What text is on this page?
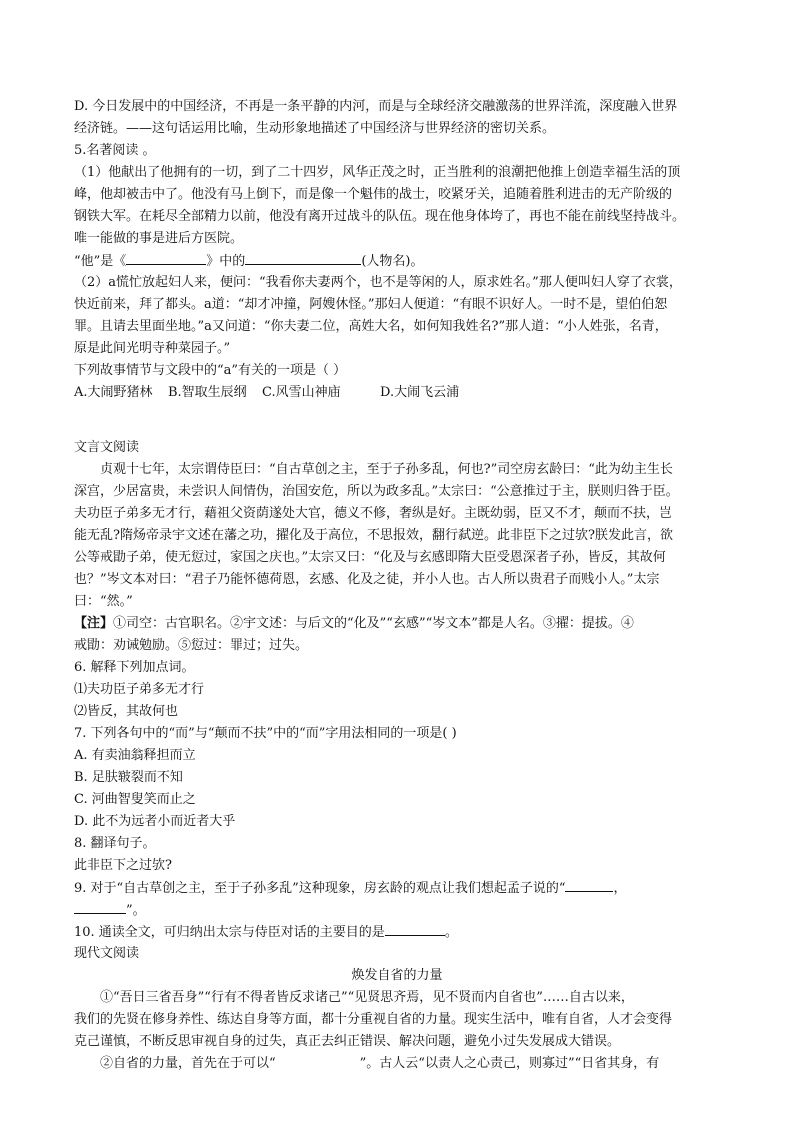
D. 今日发展中的中国经济，不再是一条平静的内河，而是与全球经济交融激荡的世界洋流，深度融入世界
经济链。——这句话运用比喻，生动形象地描述了中国经济与世界经济的密切关系。
5.名著阅读 。
（1）他献出了他拥有的一切，到了二十四岁，风华正茂之时，正当胜利的浪潮把他推上创造幸福生活的顶
峰，他却被击中了。他没有马上倒下，而是像一个魁伟的战士，咬紧牙关，追随着胜利进击的无产阶级的
钢铁大军。在耗尽全部精力以前，他没有离开过战斗的队伍。现在他身体垮了，再也不能在前线坚持战斗。
唯一能做的事是进后方医院。
“他”是《	》中的	(人物名)。
（2）a慌忙放起妇人来，便问：“我看你夫妻两个，也不是等闲的人，原求姓名。”那人便叫妇人穿了衣裳，
快近前来，拜了都头。a道：“却才冲撞，阿嫂休怪。”那妇人便道：“有眼不识好人。一时不是，望伯伯恕
罪。且请去里面坐地。”a又问道：“你夫妻二位，高姓大名，如何知我姓名?”那人道：“小人姓张，名青，
原是此间光明寺种菜园子。”
下列故事情节与文段中的“a”有关的一项是（ ）
A.大闹野猪林 B.智取生辰纲 C.风雪山神庙	D.大闹飞云浦
文言文阅读
贞观十七年，太宗谓侍臣曰：“自古草创之主，至于子孙多乱，何也?”司空房玄龄曰：“此为幼主生长
深宫，少居富贵，未尝识人间情伪，治国安危，所以为政多乱。”太宗曰：“公意推过于主，朕则归咎于臣。
夫功臣子弟多无才行，藉祖父资荫遂处大官，德义不修，奢纵是好。主既幼弱，臣又不才，颠而不扶，岂
能无乱?隋炀帝录宇文述在藩之功，擢化及于高位，不思报效，翻行弑逆。此非臣下之过欤?朕发此言，欲
公等戒勖子弟，使无愆过，家国之庆也。”太宗又曰：“化及与玄感即隋大臣受恩深者子孙，皆反，其故何
也？”岑文本对曰：“君子乃能怀德荷恩，玄感、化及之徒，并小人也。古人所以贵君子而贱小人。”太宗
曰：“然。”
【注】①司空：古官职名。②宇文述：与后文的“化及”“玄感”“岑文本”都是人名。③擢：提拔。④
戒勖：劝诫勉励。⑤愆过：罪过；过失。
6. 解释下列加点词。
⑴夫功臣子弟多无才行
⑵皆反，其故何也
7. 下列各句中的“而”与“颠而不扶”中的“而”字用法相同的一项是( )
A. 有卖油翁释担而立
B. 足肤皲裂而不知
C. 河曲智叟笑而止之
D. 此不为远者小而近者大乎
8. 翻译句子。
此非臣下之过欤?
9. 对于“自古草创之主，至于子孙多乱”这种现象，房玄龄的观点让我们想起孟子说的“	，
”。
10. 通读全文，可归纳出太宗与侍臣对话的主要目的是	。
现代文阅读
焕发自省的力量
①“吾日三省吾身”“行有不得者皆反求诸己”“见贤思齐焉，见不贤而内自省也”……自古以来，
我们的先贤在修身养性、练达自身等方面，都十分重视自省的力量。现实生活中，唯有自省，人才会变得
克己谨慎，不断反思审视自身的过失，真正去纠正错误、解决问题，避免小过失发展成大错误。
②自省的力量，首先在于可以“	”。古人云“以责人之心责己，则寡过”“日省其身，有
